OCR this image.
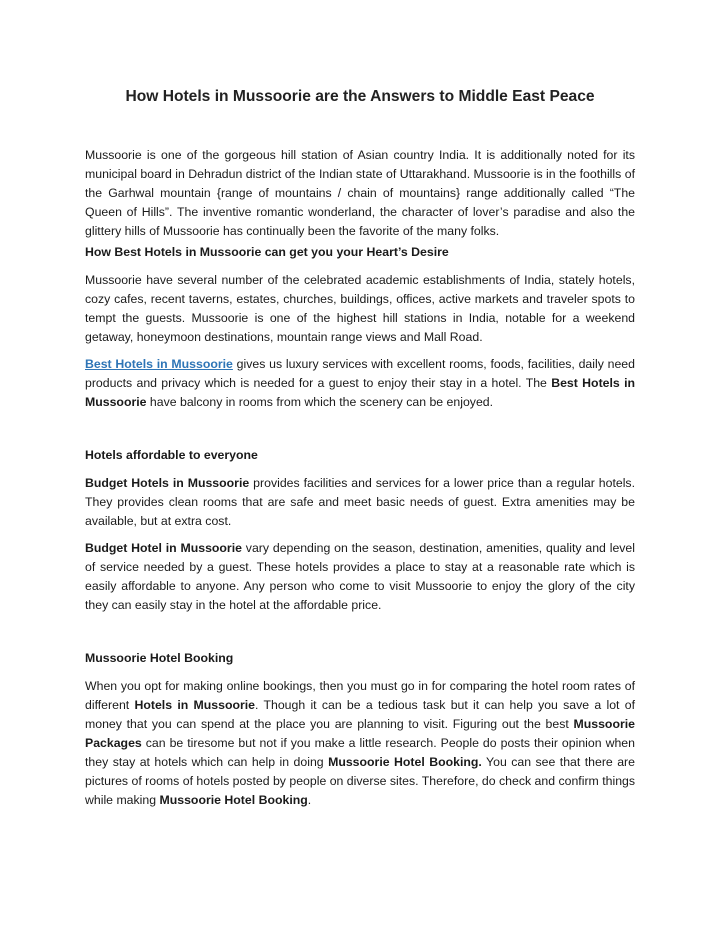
How Hotels in Mussoorie are the Answers to Middle East Peace

Mussoorie is one of the gorgeous hill station of Asian country India. It is additionally noted for its municipal board in Dehradun district of the Indian state of Uttarakhand. Mussoorie is in the foothills of the Garhwal mountain {range of mountains / chain of mountains} range additionally called “The Queen of Hills”. The inventive romantic wonderland, the character of lover’s paradise and also the glittery hills of Mussoorie has continually been the favorite of the many folks.

How Best Hotels in Mussoorie can get you your Heart’s Desire

Mussoorie have several number of the celebrated academic establishments of India, stately hotels, cozy cafes, recent taverns, estates, churches, buildings, offices, active markets and traveler spots to tempt the guests. Mussoorie is one of the highest hill stations in India, notable for a weekend getaway, honeymoon destinations, mountain range views and Mall Road.

Best Hotels in Mussoorie gives us luxury services with excellent rooms, foods, facilities, daily need products and privacy which is needed for a guest to enjoy their stay in a hotel. The Best Hotels in Mussoorie have balcony in rooms from which the scenery can be enjoyed.

Hotels affordable to everyone

Budget Hotels in Mussoorie provides facilities and services for a lower price than a regular hotels. They provides clean rooms that are safe and meet basic needs of guest. Extra amenities may be available, but at extra cost.

Budget Hotel in Mussoorie vary depending on the season, destination, amenities, quality and level of service needed by a guest. These hotels provides a place to stay at a reasonable rate which is easily affordable to anyone. Any person who come to visit Mussoorie to enjoy the glory of the city they can easily stay in the hotel at the affordable price.

Mussoorie Hotel Booking

When you opt for making online bookings, then you must go in for comparing the hotel room rates of different Hotels in Mussoorie. Though it can be a tedious task but it can help you save a lot of money that you can spend at the place you are planning to visit. Figuring out the best Mussoorie Packages can be tiresome but not if you make a little research. People do posts their opinion when they stay at hotels which can help in doing Mussoorie Hotel Booking. You can see that there are pictures of rooms of hotels posted by people on diverse sites. Therefore, do check and confirm things while making Mussoorie Hotel Booking.
